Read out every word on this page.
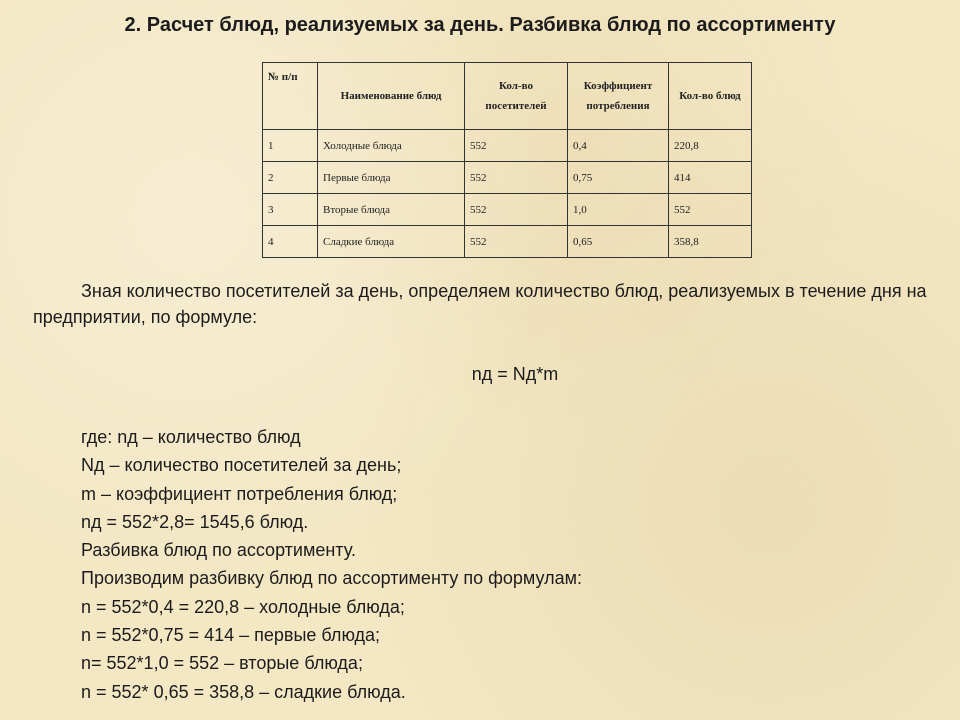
2. Расчет блюд, реализуемых за день. Разбивка блюд по ассортименту
№ п/п	Наименование блюд	Кол-во посетителей	Коэффициент потребления	Кол-во блюд
1	Холодные блюда	552	0,4	220,8
2	Первые блюда	552	0,75	414
3	Вторые блюда	552	1,0	552
4	Сладкие блюда	552	0,65	358,8
Зная количество посетителей за день, определяем количество блюд, реализуемых в течение дня на предприятии, по формуле:
nд = Nд*m
где: nд – количество блюд
Nд – количество посетителей за день;
m – коэффициент потребления блюд;
nд = 552*2,8= 1545,6 блюд.
Разбивка блюд по ассортименту.
Производим разбивку блюд по ассортименту по формулам:
n = 552*0,4 = 220,8 – холодные блюда;
n = 552*0,75 = 414 – первые блюда;
n= 552*1,0 = 552 – вторые блюда;
n = 552* 0,65 = 358,8 – сладкие блюда.
